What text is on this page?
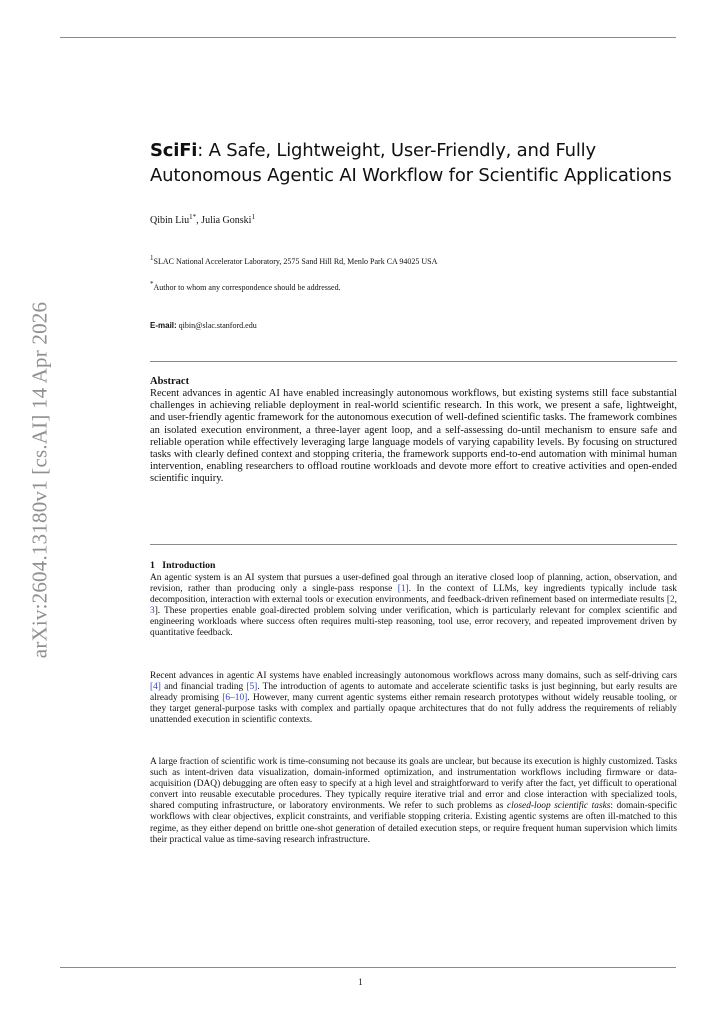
arXiv:2604.13180v1 [cs.AI] 14 Apr 2026
SciFi: A Safe, Lightweight, User-Friendly, and Fully Autonomous Agentic AI Workflow for Scientific Applications
Qibin Liu$^{1*}$, Julia Gonski$^1$
$^1$SLAC National Accelerator Laboratory, 2575 Sand Hill Rd, Menlo Park CA 94025 USA
*Author to whom any correspondence should be addressed.
E-mail: qibin@slac.stanford.edu
Abstract

Recent advances in agentic AI have enabled increasingly autonomous workflows, but existing systems still face substantial challenges in achieving reliable deployment in real-world scientific research. In this work, we present a safe, lightweight, and user-friendly agentic framework for the autonomous execution of well-defined scientific tasks. The framework combines an isolated execution environment, a three-layer agent loop, and a self-assessing do-until mechanism to ensure safe and reliable operation while effectively leveraging large language models of varying capability levels. By focusing on structured tasks with clearly defined context and stopping criteria, the framework supports end-to-end automation with minimal human intervention, enabling researchers to offload routine workloads and devote more effort to creative activities and open-ended scientific inquiry.

1 Introduction

An agentic system is an AI system that pursues a user-defined goal through an iterative closed loop of planning, action, observation, and revision, rather than producing only a single-pass response [1]. In the context of LLMs, key ingredients typically include task decomposition, interaction with external tools or execution environments, and feedback-driven refinement based on intermediate results [2, 3]. These properties enable goal-directed problem solving under verification, which is particularly relevant for complex scientific and engineering workloads where success often requires multi-step reasoning, tool use, error recovery, and repeated improvement driven by quantitative feedback.

Recent advances in agentic AI systems have enabled increasingly autonomous workflows across many domains, such as self-driving cars [4] and financial trading [5]. The introduction of agents to automate and accelerate scientific tasks is just beginning, but early results are already promising [6–10]. However, many current agentic systems either remain research prototypes without widely reusable tooling, or they target general-purpose tasks with complex and partially opaque architectures that do not fully address the requirements of reliably unattended execution in scientific contexts.

A large fraction of scientific work is time-consuming not because its goals are unclear, but because its execution is highly customized. Tasks such as intent-driven data visualization, domain-informed optimization, and instrumentation workflows including firmware or data-acquisition (DAQ) debugging are often easy to specify at a high level and straightforward to verify after the fact, yet difficult to operational convert into reusable executable procedures. They typically require iterative trial and error and close interaction with specialized tools, shared computing infrastructure, or laboratory environments. We refer to such problems as closed-loop scientific tasks: domain-specific workflows with clear objectives, explicit constraints, and verifiable stopping criteria. Existing agentic systems are often ill-matched to this regime, as they either depend on brittle one-shot generation of detailed execution steps, or require frequent human supervision which limits their practical value as time-saving research infrastructure.

1
